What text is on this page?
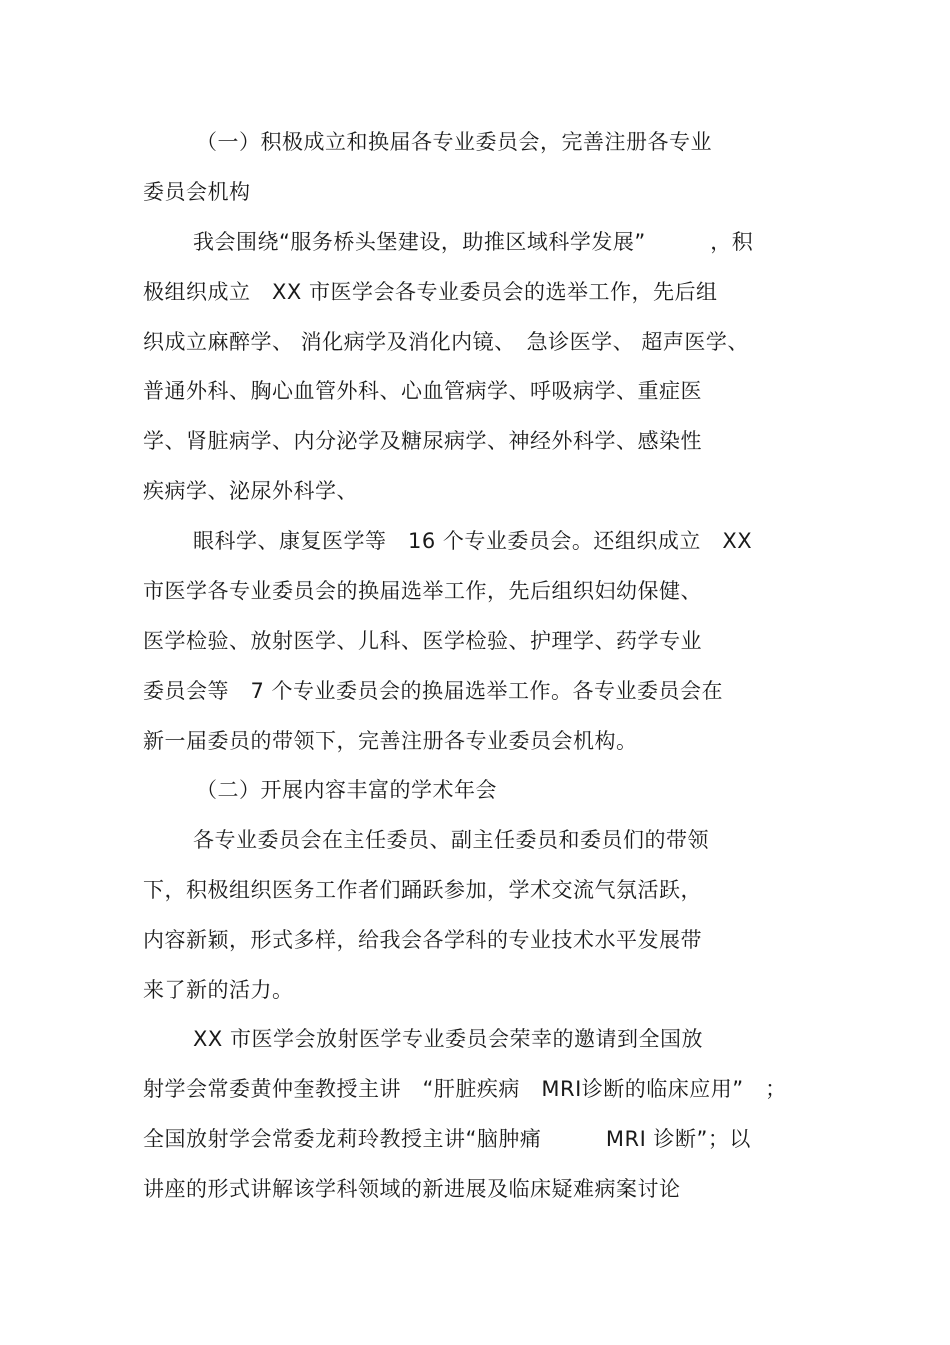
（一）积极成立和换届各专业委员会，完善注册各专业
委员会机构
我会围绕“服务桥头堡建设，助推区域科学发展”　　　，积
极组织成立　XX 市医学会各专业委员会的选举工作，先后组
织成立麻醉学、 消化病学及消化内镜、　急诊医学、 超声医学、
普通外科、胸心血管外科、心血管病学、呼吸病学、重症医
学、肾脏病学、内分泌学及糖尿病学、神经外科学、感染性
疾病学、泌尿外科学、
眼科学、康复医学等　16 个专业委员会。还组织成立　XX
市医学各专业委员会的换届选举工作，先后组织妇幼保健、
医学检验、放射医学、儿科、医学检验、护理学、药学专业
委员会等　7 个专业委员会的换届选举工作。各专业委员会在
新一届委员的带领下，完善注册各专业委员会机构。
（二）开展内容丰富的学术年会
各专业委员会在主任委员、副主任委员和委员们的带领
下，积极组织医务工作者们踊跃参加，学术交流气氛活跃，
内容新颖，形式多样，给我会各学科的专业技术水平发展带
来了新的活力。
XX 市医学会放射医学专业委员会荣幸的邀请到全国放
射学会常委黄仲奎教授主讲　“肝脏疾病　MRI诊断的临床应用”　；
全国放射学会常委龙莉玲教授主讲“脑肿痛　　　MRI 诊断”；以
讲座的形式讲解该学科领域的新进展及临床疑难病案讨论
